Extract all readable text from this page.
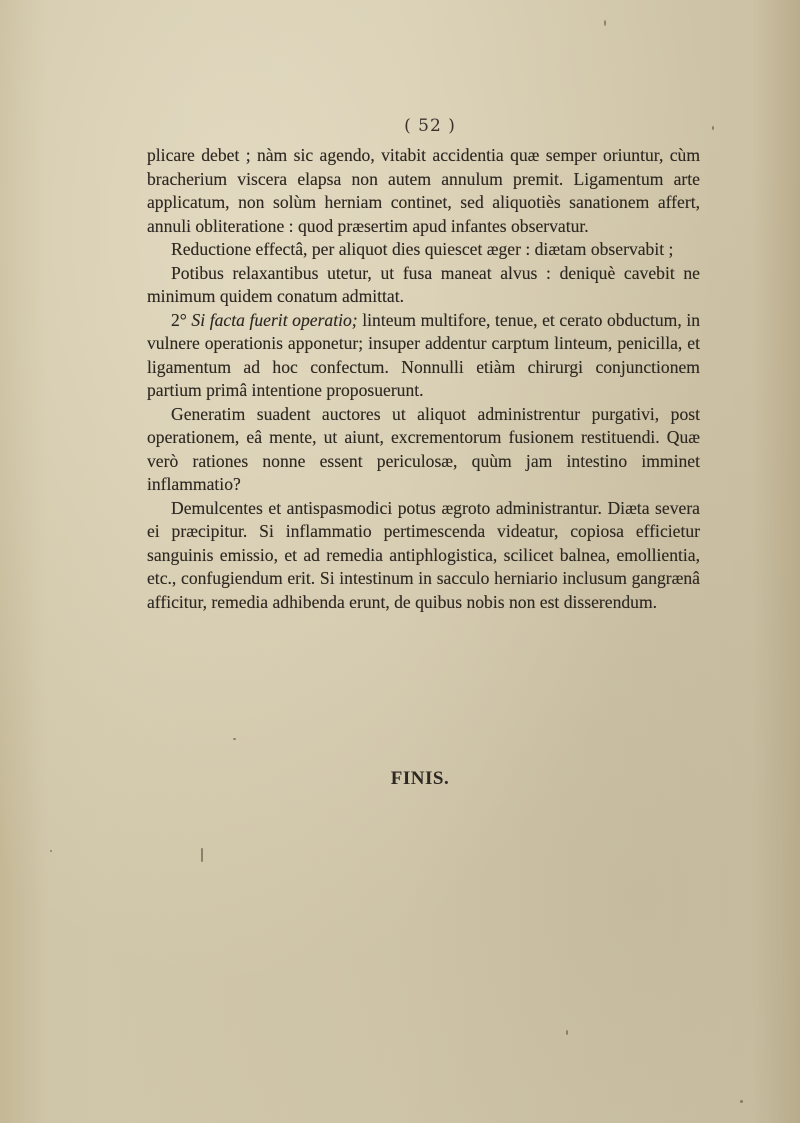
( 52 )

plicare debet ; nàm sic agendo, vitabit accidentia quæ semper oriuntur, cùm bracherium viscera elapsa non autem annulum premit. Ligamentum arte applicatum, non solùm herniam continet, sed aliquotiès sanationem affert, annuli obliteratione : quod præsertim apud infantes observatur.

Reductione effectâ, per aliquot dies quiescet æger : diætam observabit ;

Potibus relaxantibus utetur, ut fusa maneat alvus : deniquè cavebit ne minimum quidem conatum admittat.

2° Si facta fuerit operatio; linteum multifore, tenue, et cerato obductum, in vulnere operationis apponetur; insuper addentur carptum linteum, penicilla, et ligamentum ad hoc confectum. Nonnulli etiàm chirurgi conjunctionem partium primâ intentione proposuerunt.

Generatim suadent auctores ut aliquot administrentur purgativi, post operationem, eâ mente, ut aiunt, excrementorum fusionem restituendi. Quæ verò rationes nonne essent periculosæ, quùm jam intestino imminet inflammatio?

Demulcentes et antispasmodici potus ægroto administrantur. Diæta severa ei præcipitur. Si inflammatio pertimescenda videatur, copiosa efficietur sanguinis emissio, et ad remedia antiphlogistica, scilicet balnea, emollientia, etc., confugiendum erit. Si intestinum in sacculo herniario inclusum gangrænâ afficitur, remedia adhibenda erunt, de quibus nobis non est disserendum.

FINIS.
